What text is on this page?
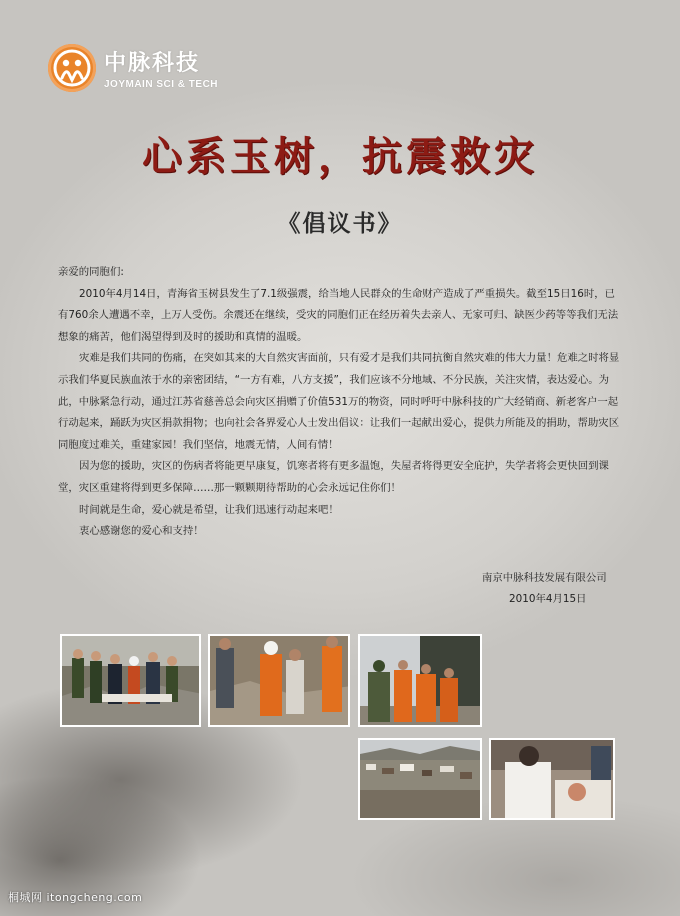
中脉科技
JOYMAIN SCI & TECH
心系玉树，抗震救灾
《倡议书》

亲爱的同胞们:

2010年4月14日，青海省玉树县发生了7.1级强震，给当地人民群众的生命财产造成了严重损失。截至15日16时，已有760余人遭遇不幸，上万人受伤。余震还在继续，受灾的同胞们正在经历着失去亲人、无家可归、缺医少药等等我们无法想象的痛苦，他们渴望得到及时的援助和真情的温暖。

灾难是我们共同的伤痛，在突如其来的大自然灾害面前，只有爱才是我们共同抗衡自然灾难的伟大力量！危难之时将显示我们华夏民族血浓于水的亲密团结，“一方有难，八方支援”，我们应该不分地域、不分民族，关注灾情，表达爱心。为此，中脉紧急行动，通过江苏省慈善总会向灾区捐赠了价值531万的物资，同时呼吁中脉科技的广大经销商、新老客户一起行动起来，踊跃为灾区捐款捐物；也向社会各界爱心人士发出倡议：让我们一起献出爱心，提供力所能及的捐助，帮助灾区同胞度过难关，重建家园！我们坚信，地震无情，人间有情！

因为您的援助，灾区的伤病者将能更早康复，饥寒者将有更多温饱，失屋者将得更安全庇护，失学者将会更快回到课堂，灾区重建将得到更多保障……那一颗颗期待帮助的心会永远记住你们！

时间就是生命，爱心就是希望，让我们迅速行动起来吧！

衷心感谢您的爱心和支持！

南京中脉科技发展有限公司
2010年4月15日
桐城网 itongcheng.com
